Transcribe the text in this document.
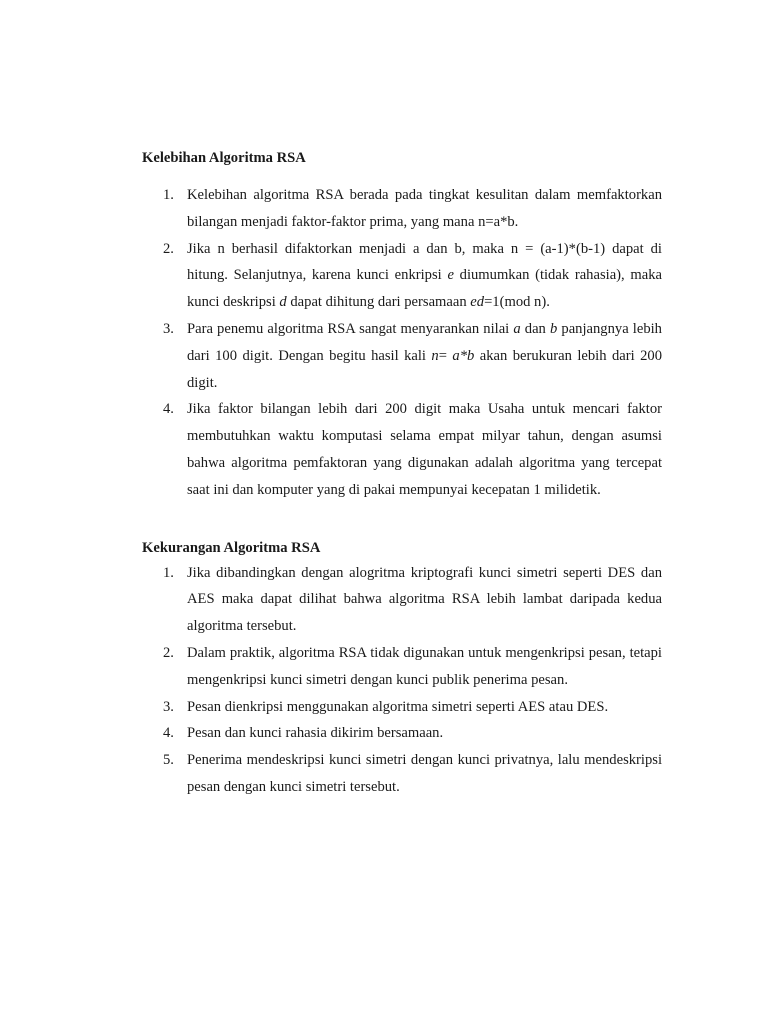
Kelebihan Algoritma RSA

1. Kelebihan algoritma RSA berada pada tingkat kesulitan dalam memfaktorkan bilangan menjadi faktor-faktor prima, yang mana n=a*b.
2. Jika n berhasil difaktorkan menjadi a dan b, maka n = (a-1)*(b-1) dapat di hitung. Selanjutnya, karena kunci enkripsi e diumumkan (tidak rahasia), maka kunci deskripsi d dapat dihitung dari persamaan ed=1(mod n).
3. Para penemu algoritma RSA sangat menyarankan nilai a dan b panjangnya lebih dari 100 digit. Dengan begitu hasil kali n= a*b akan berukuran lebih dari 200 digit.
4. Jika faktor bilangan lebih dari 200 digit maka Usaha untuk mencari faktor membutuhkan waktu komputasi selama empat milyar tahun, dengan asumsi bahwa algoritma pemfaktoran yang digunakan adalah algoritma yang tercepat saat ini dan komputer yang di pakai mempunyai kecepatan 1 milidetik.

Kekurangan Algoritma RSA

1. Jika dibandingkan dengan alogritma kriptografi kunci simetri seperti DES dan AES maka dapat dilihat bahwa algoritma RSA lebih lambat daripada kedua algoritma tersebut.
2. Dalam praktik, algoritma RSA tidak digunakan untuk mengenkripsi pesan, tetapi mengenkripsi kunci simetri dengan kunci publik penerima pesan.
3. Pesan dienkripsi menggunakan algoritma simetri seperti AES atau DES.
4. Pesan dan kunci rahasia dikirim bersamaan.
5. Penerima mendeskripsi kunci simetri dengan kunci privatnya, lalu mendeskripsi pesan dengan kunci simetri tersebut.
